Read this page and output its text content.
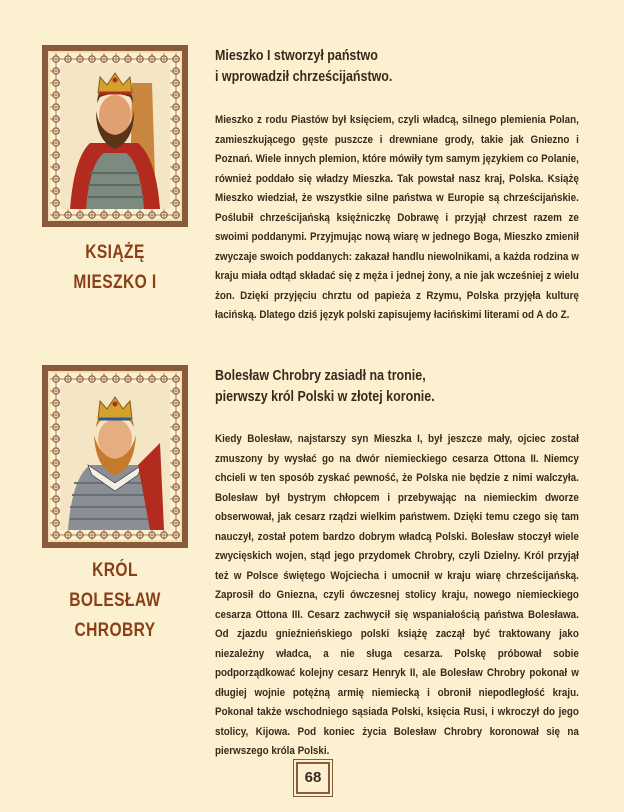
KSIĄŻĘ
MIESZKO I
Mieszko I stworzył państwo
i wprowadził chrześcijaństwo.
Mieszko z rodu Piastów był księciem, czyli władcą, silnego plemienia Polan, zamieszkującego gęste puszcze i drewniane grody, takie jak Gniezno i Poznań. Wiele innych plemion, które mówiły tym samym językiem co Polanie, również poddało się władzy Mieszka. Tak powstał nasz kraj, Polska. Książę Mieszko wiedział, że wszystkie silne państwa w Europie są chrześcijańskie. Poślubił chrześcijańską księżniczkę Dobrawę i przyjął chrzest razem ze swoimi poddanymi. Przyjmując nową wiarę w jednego Boga, Mieszko zmienił zwyczaje swoich poddanych: zakazał handlu niewolnikami, a każda rodzina w kraju miała odtąd składać się z męża i jednej żony, a nie jak wcześniej z wielu żon. Dzięki przyjęciu chrztu od papieża z Rzymu, Polska przyjęła kulturę łacińską. Dlatego dziś język polski zapisujemy łacińskimi literami od A do Z.
KRÓL
BOLESŁAW
CHROBRY
Bolesław Chrobry zasiadł na tronie,
pierwszy król Polski w złotej koronie.
Kiedy Bolesław, najstarszy syn Mieszka I, był jeszcze mały, ojciec został zmuszony by wysłać go na dwór niemieckiego cesarza Ottona II. Niemcy chcieli w ten sposób zyskać pewność, że Polska nie będzie z nimi walczyła. Bolesław był bystrym chłopcem i przebywając na niemieckim dworze obserwował, jak cesarz rządzi wielkim państwem. Dzięki temu czego się tam nauczył, został potem bardzo dobrym władcą Polski. Bolesław stoczył wiele zwycięskich wojen, stąd jego przydomek Chrobry, czyli Dzielny. Król przyjął też w Polsce świętego Wojciecha i umocnił w kraju wiarę chrześcijańską. Zaprosił do Gniezna, czyli ówczesnej stolicy kraju, nowego niemieckiego cesarza Ottona III. Cesarz zachwycił się wspaniałością państwa Bolesława. Od zjazdu gnieźnieńskiego polski książę zaczął być traktowany jako niezależny władca, a nie sługa cesarza. Polskę próbował sobie podporządkować kolejny cesarz Henryk II, ale Bolesław Chrobry pokonał w długiej wojnie potężną armię niemiecką i obronił niepodległość kraju. Pokonał także wschodniego sąsiada Polski, księcia Rusi, i wkroczył do jego stolicy, Kijowa. Pod koniec życia Bolesław Chrobry koronował się na pierwszego króla Polski.
68
